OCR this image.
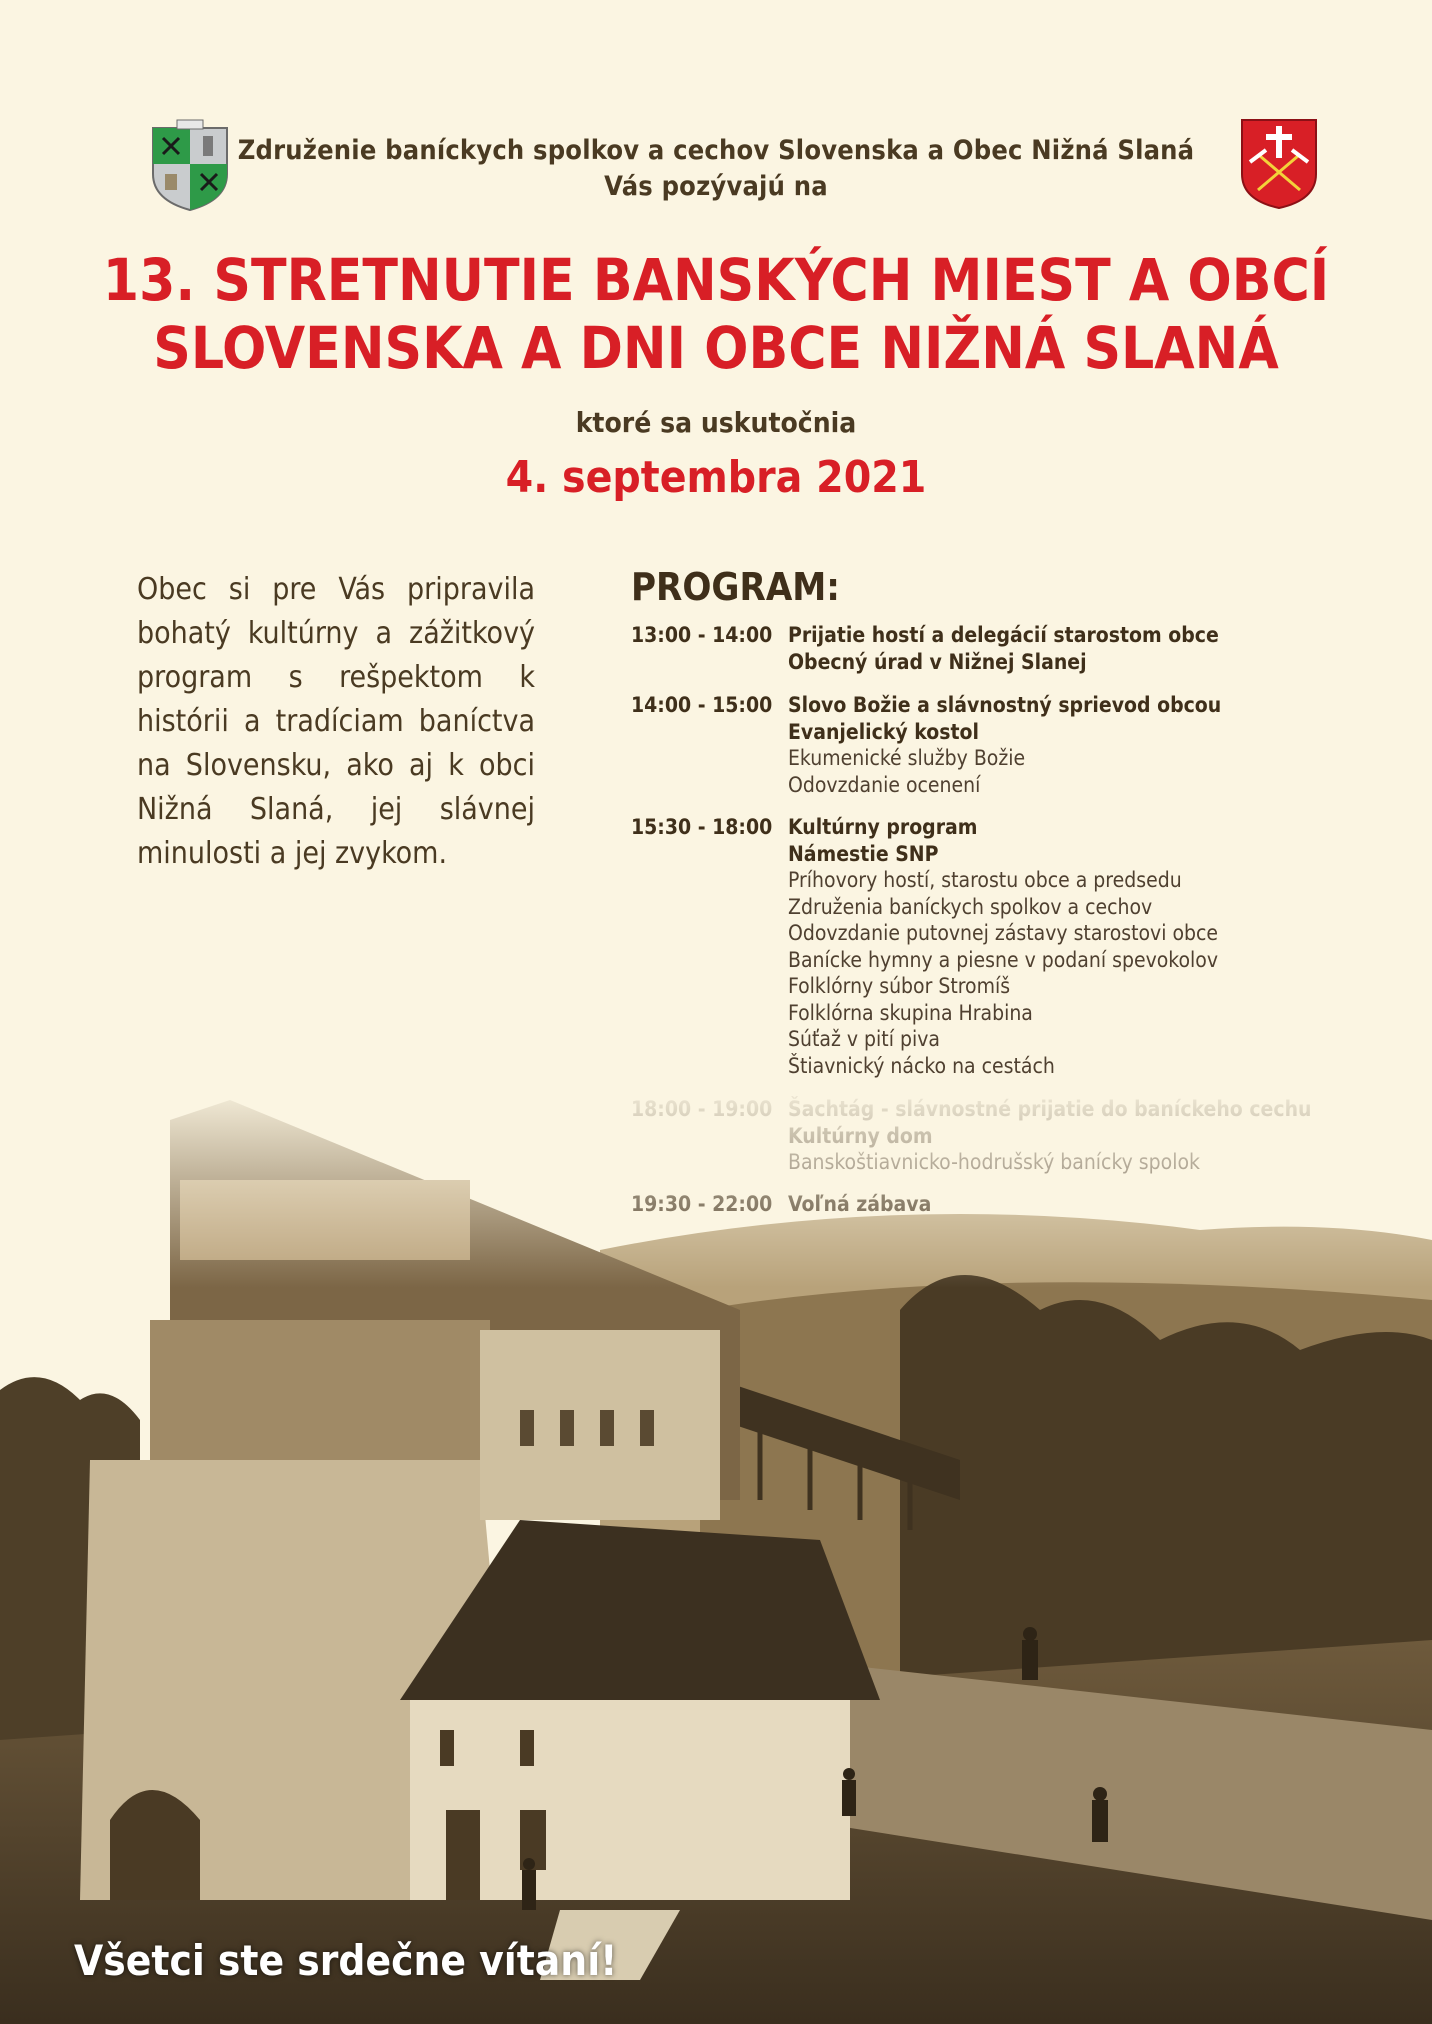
Združenie baníckych spolkov a cechov Slovenska a Obec Nižná Slaná
Vás pozývajú na
13. STRETNUTIE BANSKÝCH MIEST A OBCÍ
SLOVENSKA A DNI OBCE NIŽNÁ SLANÁ
ktoré sa uskutočnia
4. septembra 2021
Obec si pre Vás pripravila
bohatý kultúrny a zážitkový
program s rešpektom k
histórii a tradíciam baníctva
na Slovensku, ako aj k obci
Nižná Slaná, jej slávnej
minulosti a jej zvykom.
PROGRAM:
13:00 - 14:00 Prijatie hostí a delegácií starostom obce
Obecný úrad v Nižnej Slanej
14:00 - 15:00 Slovo Božie a slávnostný sprievod obcou
Evanjelický kostol
Ekumenické služby Božie
Odovzdanie ocenení
15:30 - 18:00 Kultúrny program
Námestie SNP
Príhovory hostí, starostu obce a predsedu
Združenia baníckych spolkov a cechov
Odovzdanie putovnej zástavy starostovi obce
Banícke hymny a piesne v podaní spevokolov
Folklórny súbor Stromíš
Folklórna skupina Hrabina
Súťaž v pití piva
Štiavnický nácko na cestách
Všetci ste srdečne vítaní!
